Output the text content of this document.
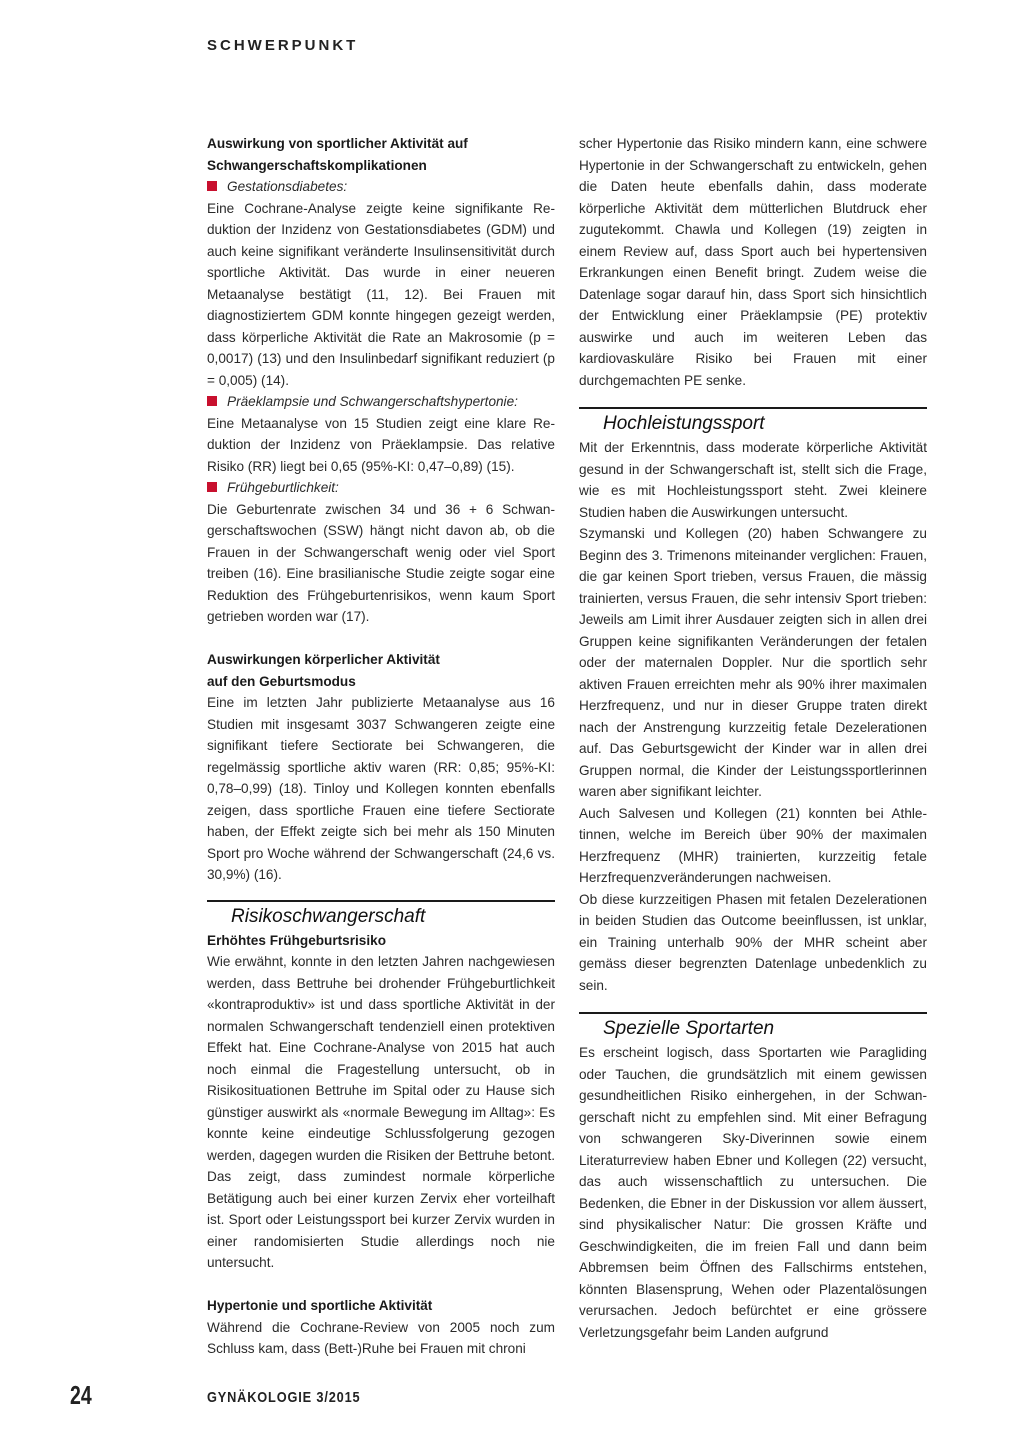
SCHWERPUNKT

Auswirkung von sportlicher Aktivität auf

Schwangerschaftskomplikationen

Gestationsdiabetes:

Eine Cochrane-Analyse zeigte keine signifikante Reduktion der Inzidenz von Gestationsdiabetes (GDM) und auch keine signifikant veränderte Insulinsensitivität durch sportliche Aktivität. Das wurde in einer neueren Metaanalyse bestätigt (11, 12). Bei Frauen mit diagnostiziertem GDM konnte hingegen gezeigt werden, dass körperliche Aktivität die Rate an Makrosomie (p = 0,0017) (13) und den Insulinbedarf signifikant reduziert (p = 0,005) (14).

Präeklampsie und Schwangerschaftshypertonie:

Eine Metaanalyse von 15 Studien zeigt eine klare Reduktion der Inzidenz von Präeklampsie. Das relative Risiko (RR) liegt bei 0,65 (95%-KI: 0,47–0,89) (15).

Frühgeburtlichkeit:

Die Geburtenrate zwischen 34 und 36 + 6 Schwangerschaftswochen (SSW) hängt nicht davon ab, ob die Frauen in der Schwangerschaft wenig oder viel Sport treiben (16). Eine brasilianische Studie zeigte sogar eine Reduktion des Frühgeburtenrisikos, wenn kaum Sport getrieben worden war (17).

Auswirkungen körperlicher Aktivität

auf den Geburtsmodus

Eine im letzten Jahr publizierte Metaanalyse aus 16 Studien mit insgesamt 3037 Schwangeren zeigte eine signifikant tiefere Sectiorate bei Schwangeren, die regelmässig sportliche aktiv waren (RR: 0,85; 95%-KI: 0,78–0,99) (18). Tinloy und Kollegen konnten ebenfalls zeigen, dass sportliche Frauen eine tiefere Sectiorate haben, der Effekt zeigte sich bei mehr als 150 Minuten Sport pro Woche während der Schwangerschaft (24,6 vs. 30,9%) (16).

Risikoschwangerschaft

Erhöhtes Frühgeburtsrisiko

Wie erwähnt, konnte in den letzten Jahren nachgewiesen werden, dass Bettruhe bei drohender Frühgeburtlichkeit «kontraproduktiv» ist und dass sportliche Aktivität in der normalen Schwangerschaft tendenziell einen protektiven Effekt hat. Eine Cochrane-Analyse von 2015 hat auch noch einmal die Fragestellung untersucht, ob in Risikosituationen Bettruhe im Spital oder zu Hause sich günstiger auswirkt als «normale Bewegung im Alltag»: Es konnte keine eindeutige Schlussfolgerung gezogen werden, dagegen wurden die Risiken der Bettruhe betont. Das zeigt, dass zumindest normale körperliche Betätigung auch bei einer kurzen Zervix eher vorteilhaft ist. Sport oder Leistungssport bei kurzer Zervix wurden in einer randomisierten Studie allerdings noch nie untersucht.

Hypertonie und sportliche Aktivität

Während die Cochrane-Review von 2005 noch zum Schluss kam, dass (Bett-)Ruhe bei Frauen mit chroni

scher Hypertonie das Risiko mindern kann, eine schwere Hypertonie in der Schwangerschaft zu entwickeln, gehen die Daten heute ebenfalls dahin, dass moderate körperliche Aktivität dem mütterlichen Blutdruck eher zugutekommt. Chawla und Kollegen (19) zeigten in einem Review auf, dass Sport auch bei hypertensiven Erkrankungen einen Benefit bringt. Zudem weise die Datenlage sogar darauf hin, dass Sport sich hinsichtlich der Entwicklung einer Präeklampsie (PE) protektiv auswirke und auch im weiteren Leben das kardiovaskuläre Risiko bei Frauen mit einer durchgemachten PE senke.

Hochleistungssport

Mit der Erkenntnis, dass moderate körperliche Aktivität gesund in der Schwangerschaft ist, stellt sich die Frage, wie es mit Hochleistungssport steht. Zwei kleinere Studien haben die Auswirkungen untersucht.

Szymanski und Kollegen (20) haben Schwangere zu Beginn des 3. Trimenons miteinander verglichen: Frauen, die gar keinen Sport trieben, versus Frauen, die mässig trainierten, versus Frauen, die sehr intensiv Sport trieben: Jeweils am Limit ihrer Ausdauer zeigten sich in allen drei Gruppen keine signifikanten Veränderungen der fetalen oder der maternalen Doppler. Nur die sportlich sehr aktiven Frauen erreichten mehr als 90% ihrer maximalen Herzfrequenz, und nur in dieser Gruppe traten direkt nach der Anstrengung kurzzeitig fetale Dezelerationen auf. Das Geburtsgewicht der Kinder war in allen drei Gruppen normal, die Kinder der Leistungssportlerinnen waren aber signifikant leichter.

Auch Salvesen und Kollegen (21) konnten bei Athletinnen, welche im Bereich über 90% der maximalen Herzfrequenz (MHR) trainierten, kurzzeitig fetale Herzfrequenzveränderungen nachweisen.

Ob diese kurzzeitigen Phasen mit fetalen Dezelerationen in beiden Studien das Outcome beeinflussen, ist unklar, ein Training unterhalb 90% der MHR scheint aber gemäss dieser begrenzten Datenlage unbedenklich zu sein.

Spezielle Sportarten

Es erscheint logisch, dass Sportarten wie Paragliding oder Tauchen, die grundsätzlich mit einem gewissen gesundheitlichen Risiko einhergehen, in der Schwangerschaft nicht zu empfehlen sind. Mit einer Befragung von schwangeren Sky-Diverinnen sowie einem Literaturreview haben Ebner und Kollegen (22) versucht, das auch wissenschaftlich zu untersuchen. Die Bedenken, die Ebner in der Diskussion vor allem äussert, sind physikalischer Natur: Die grossen Kräfte und Geschwindigkeiten, die im freien Fall und dann beim Abbremsen beim Öffnen des Fallschirms entstehen, könnten Blasensprung, Wehen oder Plazentalösungen verursachen. Jedoch befürchtet er eine grössere Verletzungsgefahr beim Landen aufgrund

24	GYNÄKOLOGIE 3/2015
